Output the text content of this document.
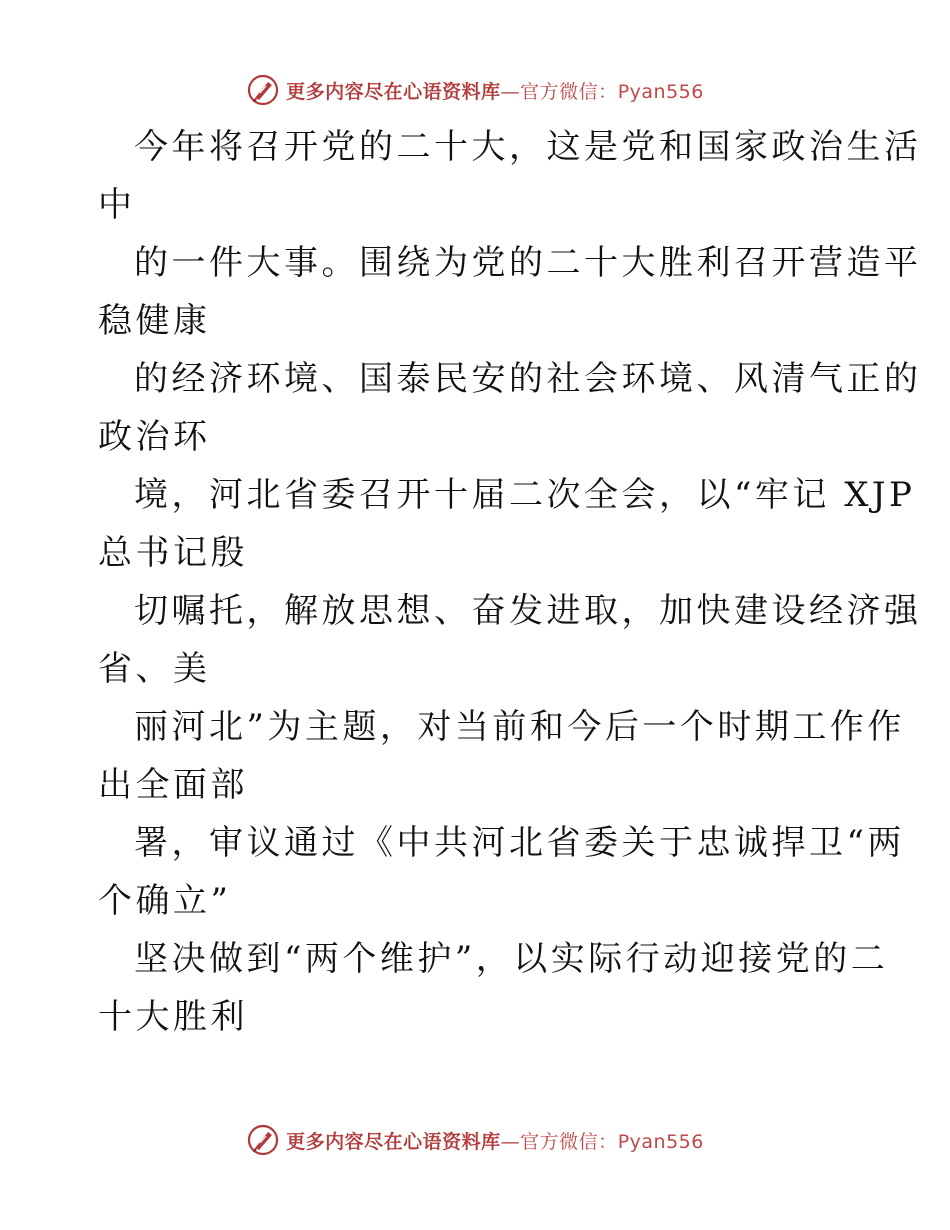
更多内容尽在心语资料库—官方微信：Pyan556
今年将召开党的二十大，这是党和国家政治生活
中
的一件大事。围绕为党的二十大胜利召开营造平
稳健康
的经济环境、国泰民安的社会环境、风清气正的
政治环
境，河北省委召开十届二次全会，以“牢记 XJP
总书记殷
切嘱托，解放思想、奋发进取，加快建设经济强
省、美
丽河北”为主题，对当前和今后一个时期工作作
出全面部
署，审议通过《中共河北省委关于忠诚捍卫“两
个确立”
坚决做到“两个维护”，以实际行动迎接党的二
十大胜利
更多内容尽在心语资料库—官方微信：Pyan556
